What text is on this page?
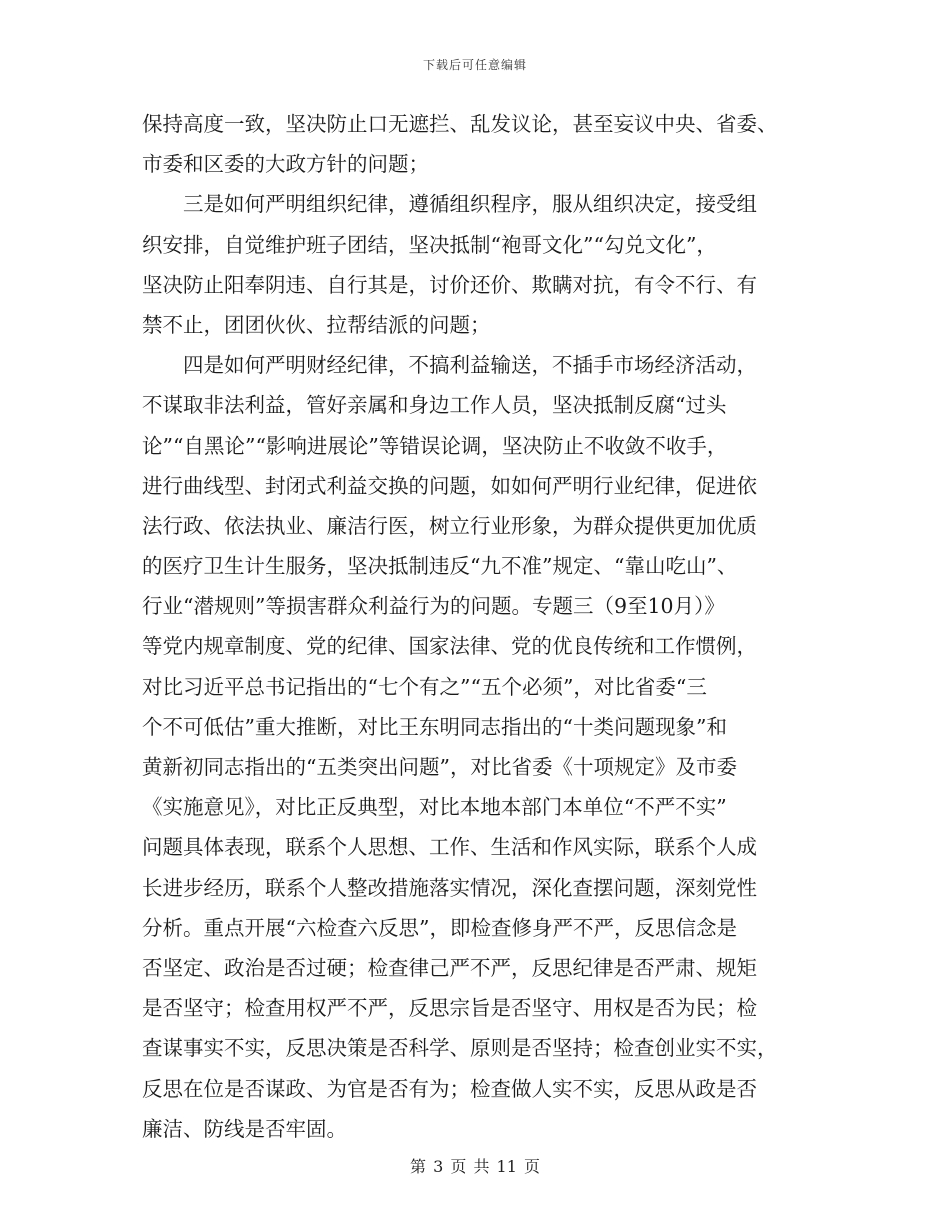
下载后可任意编辑
保持高度一致，坚决防止口无遮拦、乱发议论，甚至妄议中央、省委、
市委和区委的大政方针的问题；
　　三是如何严明组织纪律，遵循组织程序，服从组织决定，接受组
织安排，自觉维护班子团结，坚决抵制“袍哥文化”“勾兑文化”，
坚决防止阳奉阴违、自行其是，讨价还价、欺瞒对抗，有令不行、有
禁不止，团团伙伙、拉帮结派的问题；
　　四是如何严明财经纪律，不搞利益输送，不插手市场经济活动，
不谋取非法利益，管好亲属和身边工作人员，坚决抵制反腐“过头
论”“自黑论”“影响进展论”等错误论调，坚决防止不收敛不收手，
进行曲线型、封闭式利益交换的问题，如如何严明行业纪律，促进依
法行政、依法执业、廉洁行医，树立行业形象，为群众提供更加优质
的医疗卫生计生服务，坚决抵制违反“九不准”规定、“靠山吃山”、
行业“潜规则”等损害群众利益行为的问题。专题三（9至10月）》
等党内规章制度、党的纪律、国家法律、党的优良传统和工作惯例，
对比习近平总书记指出的“七个有之”“五个必须”，对比省委“三
个不可低估”重大推断，对比王东明同志指出的“十类问题现象”和
黄新初同志指出的“五类突出问题”，对比省委《十项规定》及市委
《实施意见》，对比正反典型，对比本地本部门本单位“不严不实”
问题具体表现，联系个人思想、工作、生活和作风实际，联系个人成
长进步经历，联系个人整改措施落实情况，深化查摆问题，深刻党性
分析。重点开展“六检查六反思”，即检查修身严不严，反思信念是
否坚定、政治是否过硬；检查律己严不严，反思纪律是否严肃、规矩
是否坚守；检查用权严不严，反思宗旨是否坚守、用权是否为民；检
查谋事实不实，反思决策是否科学、原则是否坚持；检查创业实不实，
反思在位是否谋政、为官是否有为；检查做人实不实，反思从政是否
廉洁、防线是否牢固。
第 3 页 共 11 页
